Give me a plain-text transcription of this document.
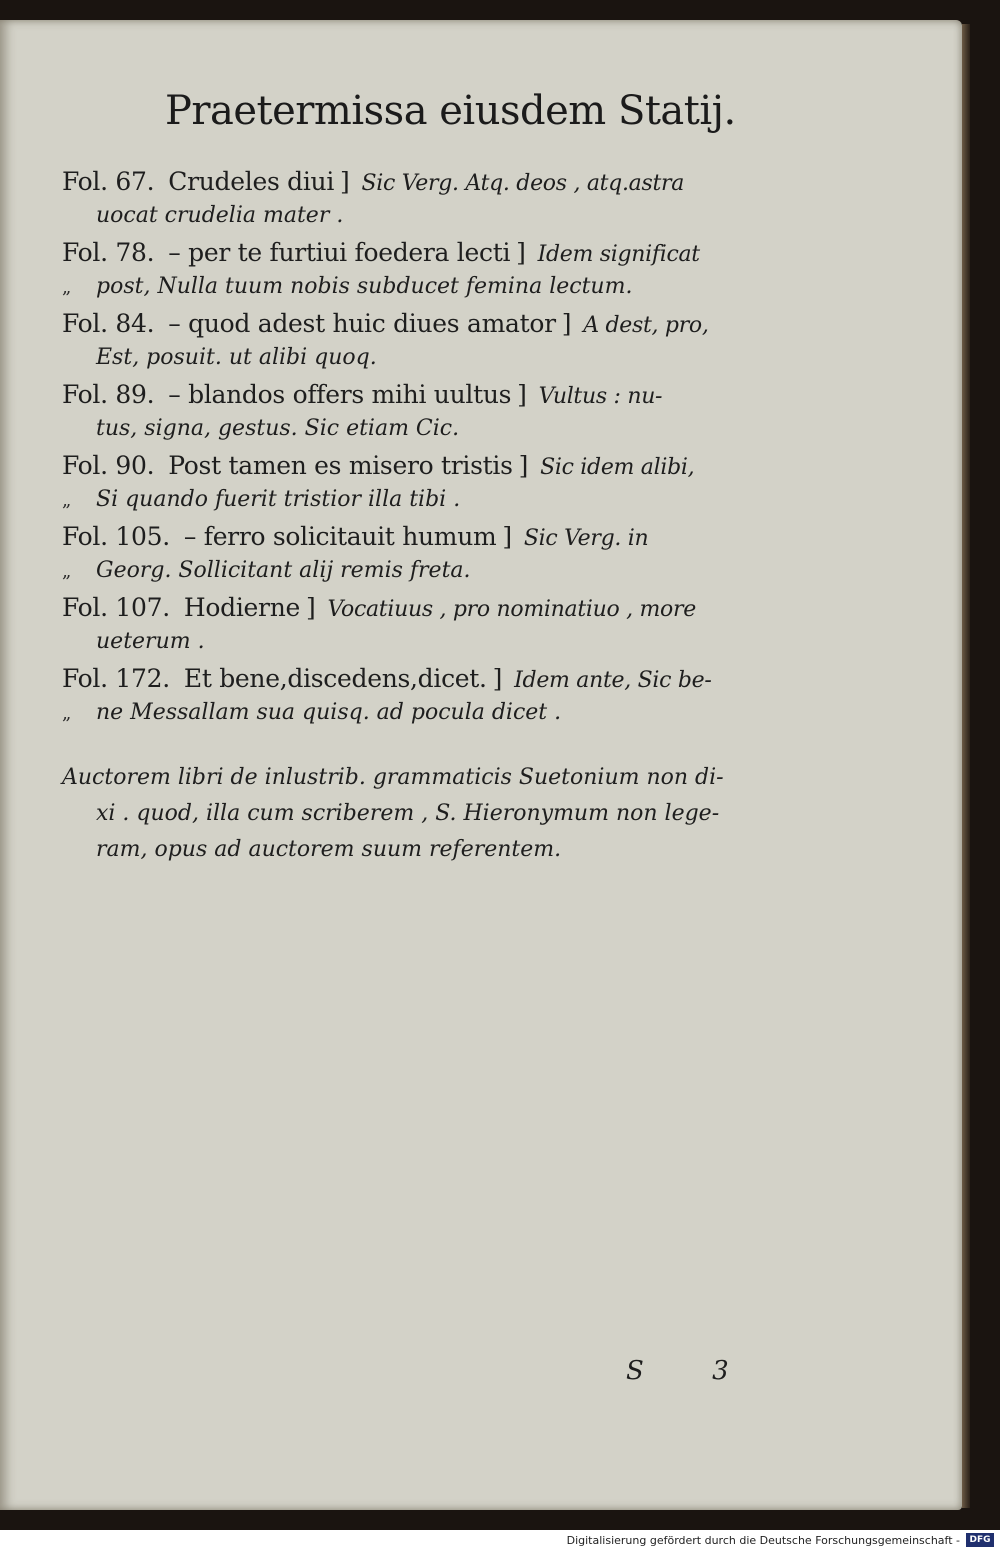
Praetermissa eiusdem Statij.
Fol. 67. Crudeles diui ] Sic Verg. Atq. deos , atq.astra
uocat crudelia mater .
Fol. 78. – per te furtiui foedera lecti ] Idem significat
„ post, Nulla tuum nobis subducet femina lectum.
Fol. 84. – quod adest huic diues amator ] A dest, pro,
Est, posuit. ut alibi quoq.
Fol. 89. – blandos offers mihi uultus ] Vultus : nu-
tus, signa, gestus. Sic etiam Cic.
Fol. 90. Post tamen es misero tristis ] Sic idem alibi,
„ Si quando fuerit tristior illa tibi .
Fol. 105. – ferro solicitauit humum ] Sic Verg. in
„ Georg. Sollicitant alij remis freta.
Fol. 107. Hodierne ] Vocatiuus , pro nominatiuo , more
ueterum .
Fol. 172. Et bene,discedens,dicet. ] Idem ante, Sic be-
„ ne Messallam sua quisq. ad pocula dicet .
Auctorem libri de inlustrib. grammaticis Suetonium non di-
xi . quod, illa cum scriberem , S. Hieronymum non lege-
ram, opus ad auctorem suum referentem.
S 3
Digitalisierung gefördert durch die Deutsche Forschungsgemeinschaft -	DFG
